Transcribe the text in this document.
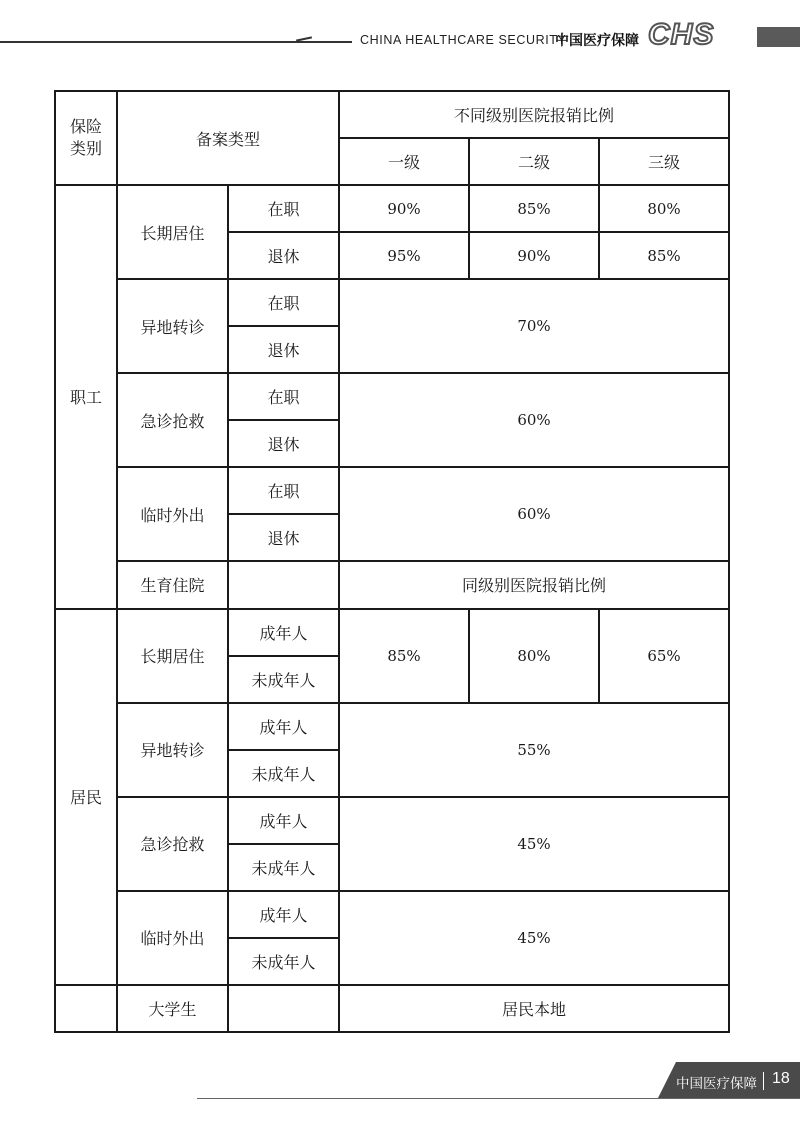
CHINA HEALTHCARE SECURITY
中国医疗保障 CHS
保险
类别	备案类型		不同级别医院报销比例		
			一级	二级	三级
职工	长期居住	在职	90%	85%	80%
		退休	95%	90%	85%
	异地转诊	在职	70%		
		退休			
	急诊抢救	在职	60%		
		退休			
	临时外出	在职	60%		
		退休			
	生育住院		同级别医院报销比例		
居民	长期居住	成年人	85%	80%	65%
		未成年人			
	异地转诊	成年人	55%		
		未成年人			
	急诊抢救	成年人	45%		
		未成年人			
	临时外出	成年人	45%		
		未成年人			
	大学生		居民本地		
中国医疗保障 18
